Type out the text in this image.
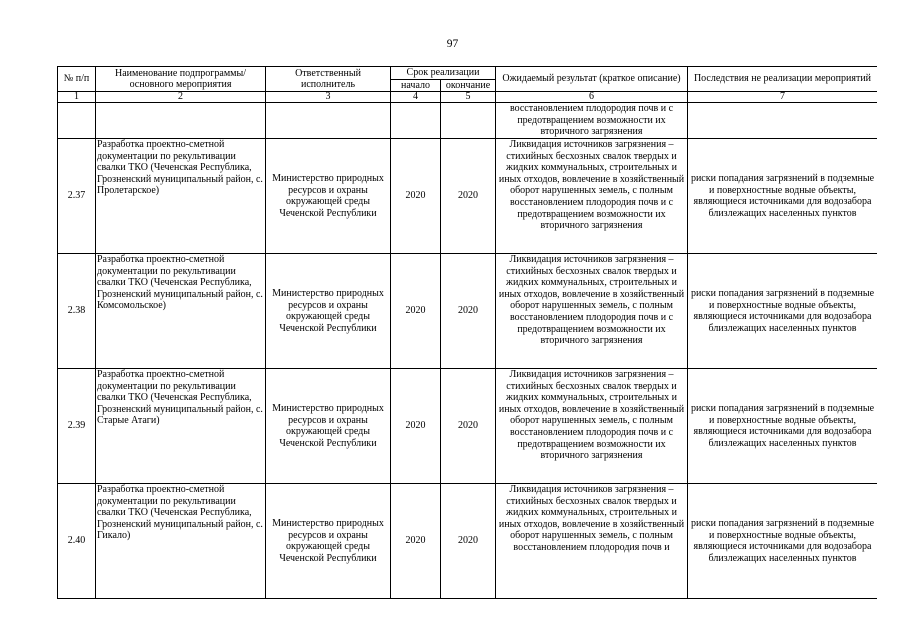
97
№ п/п	Наименование подпрограммы/ основного мероприятия	Ответственный исполнитель	Срок реализации		Ожидаемый результат (краткое описание)	Последствия не реализации мероприятий
			начало	окончание		
1	2	3	4	5	6	7
					восстановлением плодородия почв и с предотвращением возможности их вторичного загрязнения	
2.37	Разработка проектно-сметной документации по рекультивации свалки ТКО (Чеченская Республика, Грозненский муниципальный район, с. Пролетарское)	Министерство природных ресурсов и охраны окружающей среды Чеченской Республики	2020	2020	Ликвидация источников загрязнения – стихийных бесхозных свалок твердых и жидких коммунальных, строительных и иных отходов, вовлечение в хозяйственный оборот нарушенных земель, с полным восстановлением плодородия почв и с предотвращением возможности их вторичного загрязнения	риски попадания загрязнений в подземные и поверхностные водные объекты, являющиеся источниками для водозабора близлежащих населенных пунктов
2.38	Разработка проектно-сметной документации по рекультивации свалки ТКО (Чеченская Республика, Грозненский муниципальный район, с. Комсомольское)	Министерство природных ресурсов и охраны окружающей среды Чеченской Республики	2020	2020	Ликвидация источников загрязнения – стихийных бесхозных свалок твердых и жидких коммунальных, строительных и иных отходов, вовлечение в хозяйственный оборот нарушенных земель, с полным восстановлением плодородия почв и с предотвращением возможности их вторичного загрязнения	риски попадания загрязнений в подземные и поверхностные водные объекты, являющиеся источниками для водозабора близлежащих населенных пунктов
2.39	Разработка проектно-сметной документации по рекультивации свалки ТКО (Чеченская Республика, Грозненский муниципальный район, с. Старые Атаги)	Министерство природных ресурсов и охраны окружающей среды Чеченской Республики	2020	2020	Ликвидация источников загрязнения – стихийных бесхозных свалок твердых и жидких коммунальных, строительных и иных отходов, вовлечение в хозяйственный оборот нарушенных земель, с полным восстановлением плодородия почв и с предотвращением возможности их вторичного загрязнения	риски попадания загрязнений в подземные и поверхностные водные объекты, являющиеся источниками для водозабора близлежащих населенных пунктов
2.40	Разработка проектно-сметной документации по рекультивации свалки ТКО (Чеченская Республика, Грозненский муниципальный район, с. Гикало)	Министерство природных ресурсов и охраны окружающей среды Чеченской Республики	2020	2020	Ликвидация источников загрязнения – стихийных бесхозных свалок твердых и жидких коммунальных, строительных и иных отходов, вовлечение в хозяйственный оборот нарушенных земель, с полным восстановлением плодородия почв и	риски попадания загрязнений в подземные и поверхностные водные объекты, являющиеся источниками для водозабора близлежащих населенных пунктов
